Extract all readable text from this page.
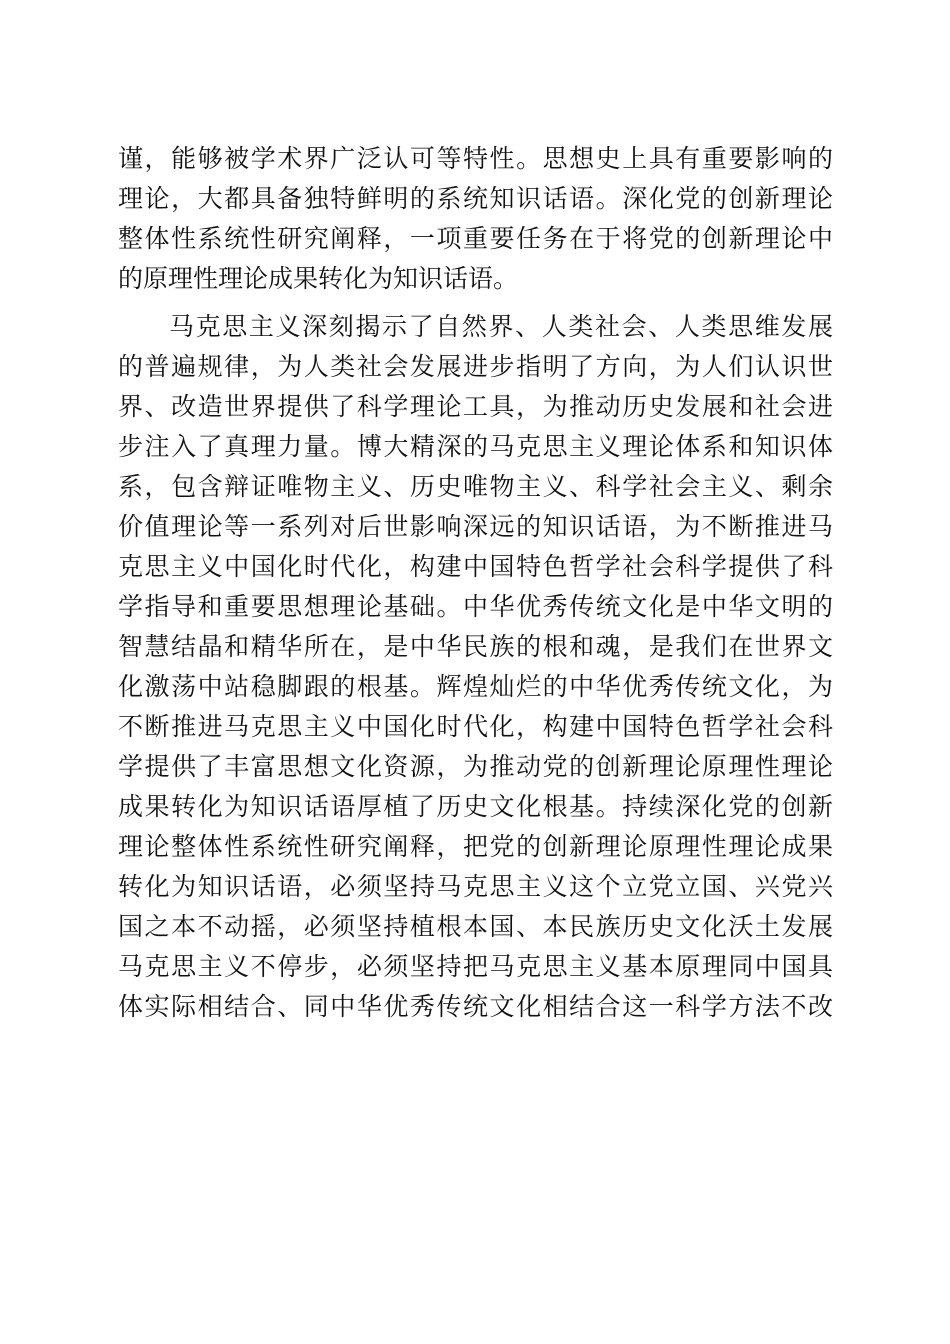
谨，能够被学术界广泛认可等特性。思想史上具有重要影响的
理论，大都具备独特鲜明的系统知识话语。深化党的创新理论
整体性系统性研究阐释，一项重要任务在于将党的创新理论中
的原理性理论成果转化为知识话语。
马克思主义深刻揭示了自然界、人类社会、人类思维发展
的普遍规律，为人类社会发展进步指明了方向，为人们认识世
界、改造世界提供了科学理论工具，为推动历史发展和社会进
步注入了真理力量。博大精深的马克思主义理论体系和知识体
系，包含辩证唯物主义、历史唯物主义、科学社会主义、剩余
价值理论等一系列对后世影响深远的知识话语，为不断推进马
克思主义中国化时代化，构建中国特色哲学社会科学提供了科
学指导和重要思想理论基础。中华优秀传统文化是中华文明的
智慧结晶和精华所在，是中华民族的根和魂，是我们在世界文
化激荡中站稳脚跟的根基。辉煌灿烂的中华优秀传统文化，为
不断推进马克思主义中国化时代化，构建中国特色哲学社会科
学提供了丰富思想文化资源，为推动党的创新理论原理性理论
成果转化为知识话语厚植了历史文化根基。持续深化党的创新
理论整体性系统性研究阐释，把党的创新理论原理性理论成果
转化为知识话语，必须坚持马克思主义这个立党立国、兴党兴
国之本不动摇，必须坚持植根本国、本民族历史文化沃土发展
马克思主义不停步，必须坚持把马克思主义基本原理同中国具
体实际相结合、同中华优秀传统文化相结合这一科学方法不改
